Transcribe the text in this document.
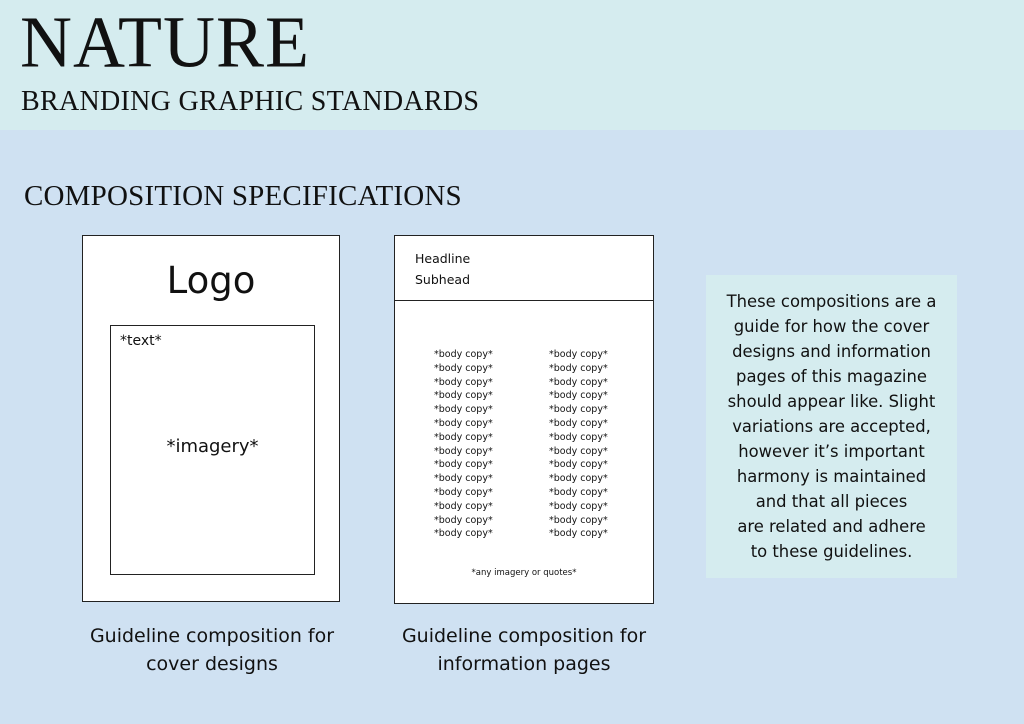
NATURE
BRANDING GRAPHIC STANDARDS
COMPOSITION SPECIFICATIONS
Logo
*text*
*imagery*
Headline
Subhead
*body copy*
*body copy*
*body copy*
*body copy*
*body copy*
*body copy*
*body copy*
*body copy*
*body copy*
*body copy*
*body copy*
*body copy*
*body copy*
*body copy*
*body copy*
*body copy*
*body copy*
*body copy*
*body copy*
*body copy*
*body copy*
*body copy*
*body copy*
*body copy*
*body copy*
*body copy*
*body copy*
*body copy*
*any imagery or quotes*
Guideline composition for
cover designs
Guideline composition for
information pages
These compositions are a
guide for how the cover
designs and information
pages of this magazine
should appear like. Slight
variations are accepted,
however it’s important
harmony is maintained
and that all pieces
are related and adhere
to these guidelines.
